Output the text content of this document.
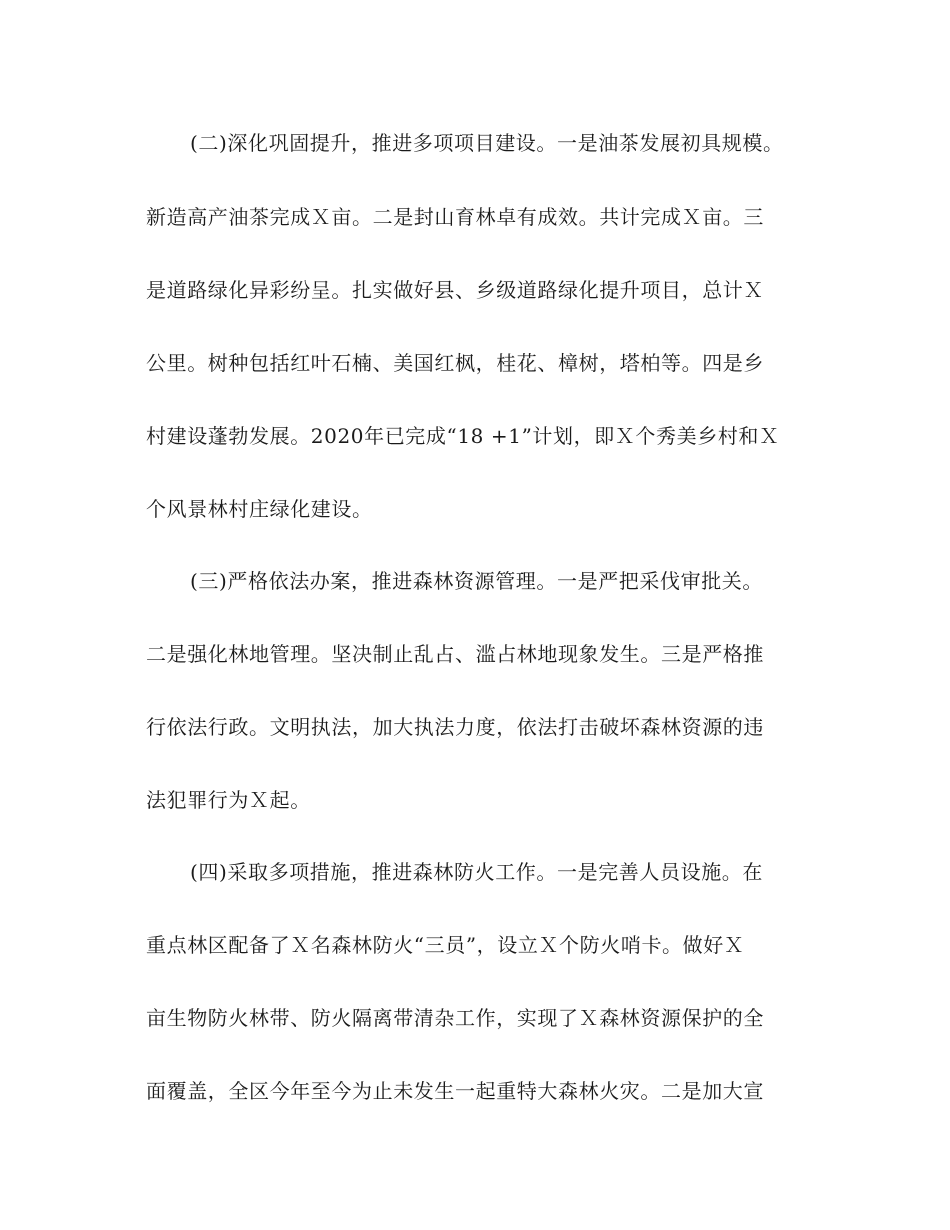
(二)深化巩固提升，推进多项项目建设。一是油茶发展初具规模。
新造高产油茶完成Ｘ亩。二是封山育林卓有成效。共计完成Ｘ亩。三
是道路绿化异彩纷呈。扎实做好县、乡级道路绿化提升项目，总计Ｘ
公里。树种包括红叶石楠、美国红枫，桂花、樟树，塔柏等。四是乡
村建设蓬勃发展。2020年已完成“18 +1”计划，即Ｘ个秀美乡村和Ｘ
个风景林村庄绿化建设。
(三)严格依法办案，推进森林资源管理。一是严把采伐审批关。
二是强化林地管理。坚决制止乱占、滥占林地现象发生。三是严格推
行依法行政。文明执法，加大执法力度，依法打击破坏森林资源的违
法犯罪行为Ｘ起。
(四)采取多项措施，推进森林防火工作。一是完善人员设施。在
重点林区配备了Ｘ名森林防火“三员”，设立Ｘ个防火哨卡。做好Ｘ
亩生物防火林带、防火隔离带清杂工作，实现了Ｘ森林资源保护的全
面覆盖，全区今年至今为止未发生一起重特大森林火灾。二是加大宣
